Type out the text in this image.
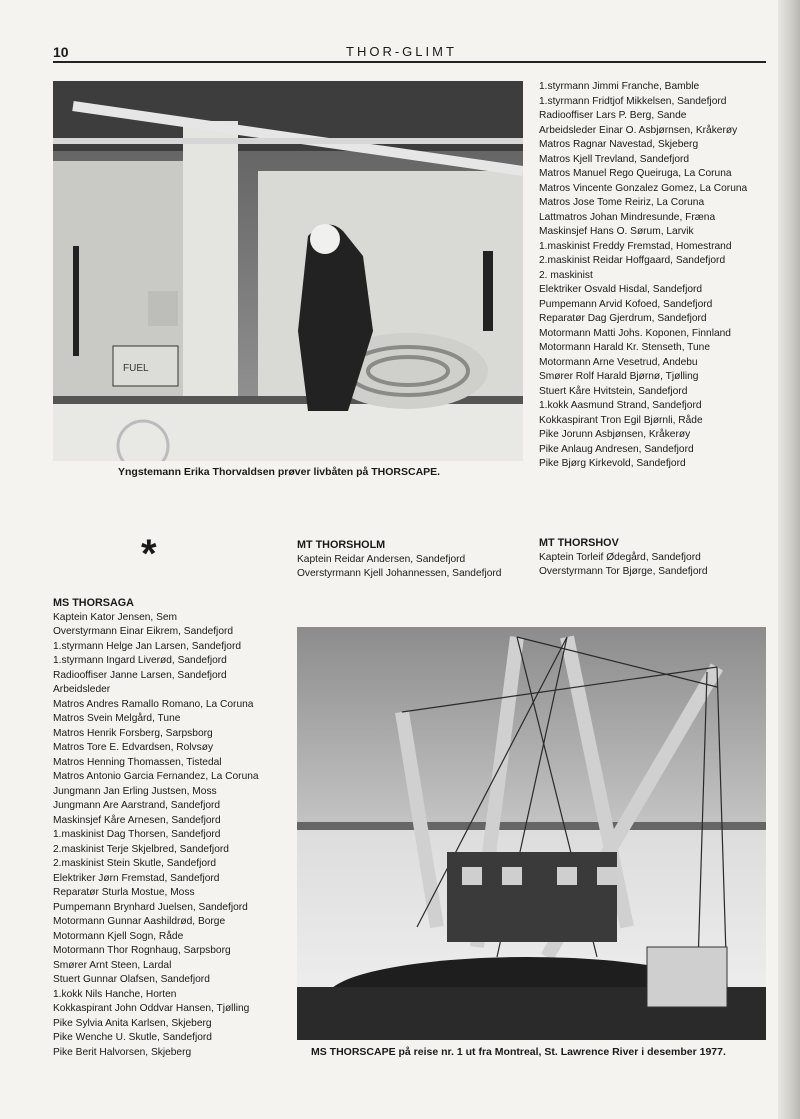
10	THOR-GLIMT
FUEL
Yngstemann Erika Thorvaldsen prøver livbåten på THORSCAPE.
1.styrmann Jimmi Franche, Bamble
1.styrmann Fridtjof Mikkelsen, Sandefjord
Radiooffiser Lars P. Berg, Sande
Arbeidsleder Einar O. Asbjørnsen, Kråkerøy
Matros Ragnar Navestad, Skjeberg
Matros Kjell Trevland, Sandefjord
Matros Manuel Rego Queiruga, La Coruna
Matros Vincente Gonzalez Gomez, La Coruna
Matros Jose Tome Reiriz, La Coruna
Lattmatros Johan Mindresunde, Fræna
Maskinsjef Hans O. Sørum, Larvik
1.maskinist Freddy Fremstad, Homestrand
2.maskinist Reidar Hoffgaard, Sandefjord
2. maskinist
Elektriker Osvald Hisdal, Sandefjord
Pumpemann Arvid Kofoed, Sandefjord
Reparatør Dag Gjerdrum, Sandefjord
Motormann Matti Johs. Koponen, Finnland
Motormann Harald Kr. Stenseth, Tune
Motormann Arne Vesetrud, Andebu
Smører Rolf Harald Bjørnø, Tjølling
Stuert Kåre Hvitstein, Sandefjord
1.kokk Aasmund Strand, Sandefjord
Kokkaspirant Tron Egil Bjørnli, Råde
Pike Jorunn Asbjønsen, Kråkerøy
Pike Anlaug Andresen, Sandefjord
Pike Bjørg Kirkevold, Sandefjord
*	MT THORSHOLM
Kaptein Reidar Andersen, Sandefjord
Overstyrmann Kjell Johannessen, Sandefjord
MT THORSHOV
Kaptein Torleif Ødegård, Sandefjord
Overstyrmann Tor Bjørge, Sandefjord
MS THORSAGA
Kaptein Kator Jensen, Sem
Overstyrmann Einar Eikrem, Sandefjord
1.styrmann Helge Jan Larsen, Sandefjord
1.styrmann Ingard Liverød, Sandefjord
Radiooffiser Janne Larsen, Sandefjord
Arbeidsleder
Matros Andres Ramallo Romano, La Coruna
Matros Svein Melgård, Tune
Matros Henrik Forsberg, Sarpsborg
Matros Tore E. Edvardsen, Rolvsøy
Matros Henning Thomassen, Tistedal
Matros Antonio Garcia Fernandez, La Coruna
Jungmann Jan Erling Justsen, Moss
Jungmann Are Aarstrand, Sandefjord
Maskinsjef Kåre Arnesen, Sandefjord
1.maskinist Dag Thorsen, Sandefjord
2.maskinist Terje Skjelbred, Sandefjord
2.maskinist Stein Skutle, Sandefjord
Elektriker Jørn Fremstad, Sandefjord
Reparatør Sturla Mostue, Moss
Pumpemann Brynhard Juelsen, Sandefjord
Motormann Gunnar Aashildrød, Borge
Motormann Kjell Sogn, Råde
Motormann Thor Rognhaug, Sarpsborg
Smører Arnt Steen, Lardal
Stuert Gunnar Olafsen, Sandefjord
1.kokk Nils Hanche, Horten
Kokkaspirant John Oddvar Hansen, Tjølling
Pike Sylvia Anita Karlsen, Skjeberg
Pike Wenche U. Skutle, Sandefjord
Pike Berit Halvorsen, Skjeberg	MS THORSCAPE på reise nr. 1 ut fra Montreal, St. Lawrence River i desember 1977.
